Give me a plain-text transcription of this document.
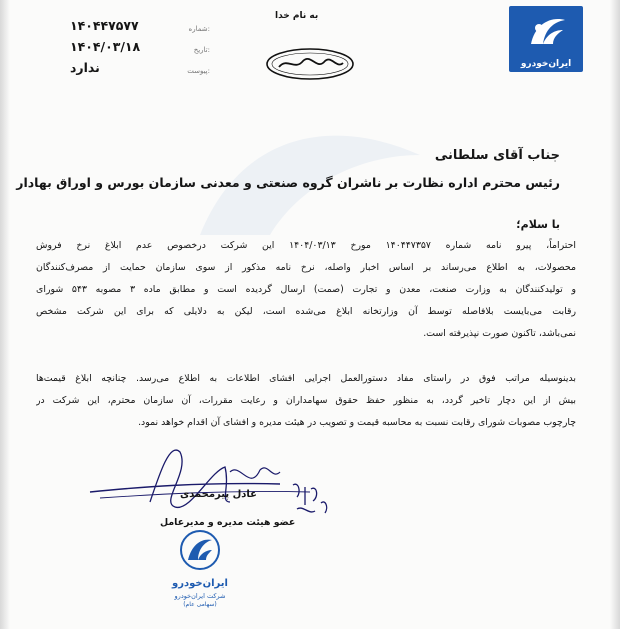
۱۴۰۴۴۷۵۷۷	شماره:
۱۴۰۴/۰۳/۱۸	تاریخ:
ندارد	پیوست:
به نام خدا
ایران‌خودرو
جناب آقای سلطانی
رئیس محترم اداره نظارت بر ناشران گروه صنعتی و معدنی سازمان بورس و اوراق بهادار
با سلام؛
احتراماً، پیرو نامه شماره ۱۴۰۴۴۷۳۵۷ مورخ ۱۴۰۴/۰۳/۱۳ این شرکت درخصوص عدم ابلاغ نرخ فروش
محصولات، به اطلاع می‌رساند بر اساس اخبار واصله، نرخ نامه مذکور از سوی سازمان حمایت از مصرف‌کنندگان
و تولیدکنندگان به وزارت صنعت، معدن و تجارت (صمت) ارسال گردیده است و مطابق ماده ۳ مصوبه ۵۴۳ شورای
رقابت می‌بایست بلافاصله توسط آن وزارتخانه ابلاغ می‌شده است، لیکن به دلایلی که برای این شرکت مشخص
نمی‌باشد، تاکنون صورت نپذیرفته است.
بدینوسیله مراتب فوق در راستای مفاد دستورالعمل اجرایی افشای اطلاعات به اطلاع می‌رسد. چنانچه ابلاغ قیمت‌ها
بیش از این دچار تاخیر گردد، به منظور حفظ حقوق سهامداران و رعایت مقررات، آن سازمان محترم، این شرکت در
چارچوب مصوبات شورای رقابت نسبت به محاسبه قیمت و تصویب در هیئت مدیره و افشای آن اقدام خواهد نمود.
عادل پیرمحمدی
عضو هیئت مدیره و مدیرعامل
ایران‌خودرو
شرکت ایران‌خودرو
(سهامی عام)
